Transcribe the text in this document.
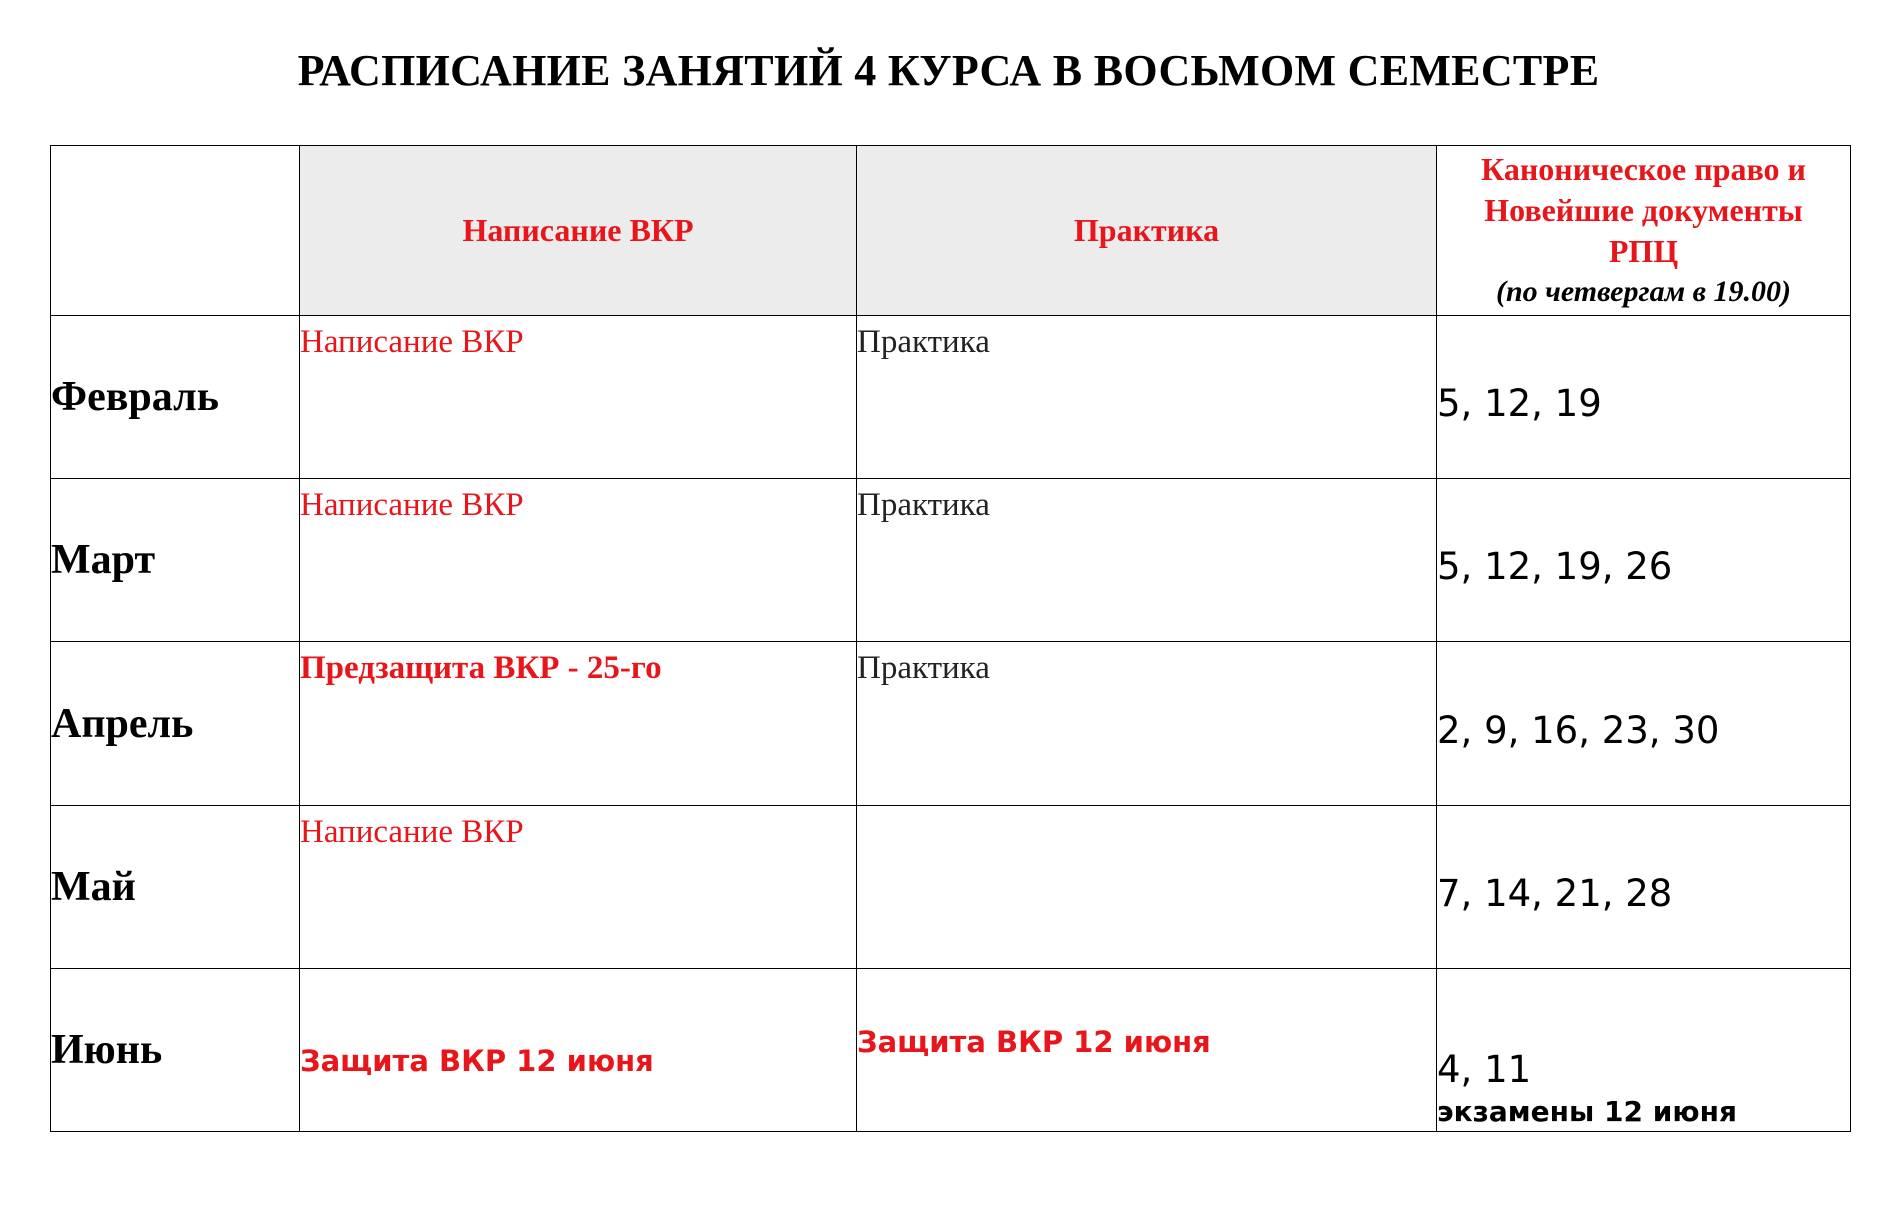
РАСПИСАНИЕ ЗАНЯТИЙ 4 КУРСА В ВОСЬМОМ СЕМЕСТРЕ
	Написание ВКР	Практика	Каноническое право и
Новейшие документы
РПЦ
(по четвергам в 19.00)

Февраль	Написание ВКР	Практика	5, 12, 19

Март	Написание ВКР	Практика	5, 12, 19, 26

Апрель	Предзащита ВКР - 25-го	Практика	2, 9, 16, 23, 30

Май	Написание ВКР		7, 14, 21, 28

Июнь	Защита ВКР 12 июня	Защита ВКР 12 июня	4, 11
экзамены 12 июня
